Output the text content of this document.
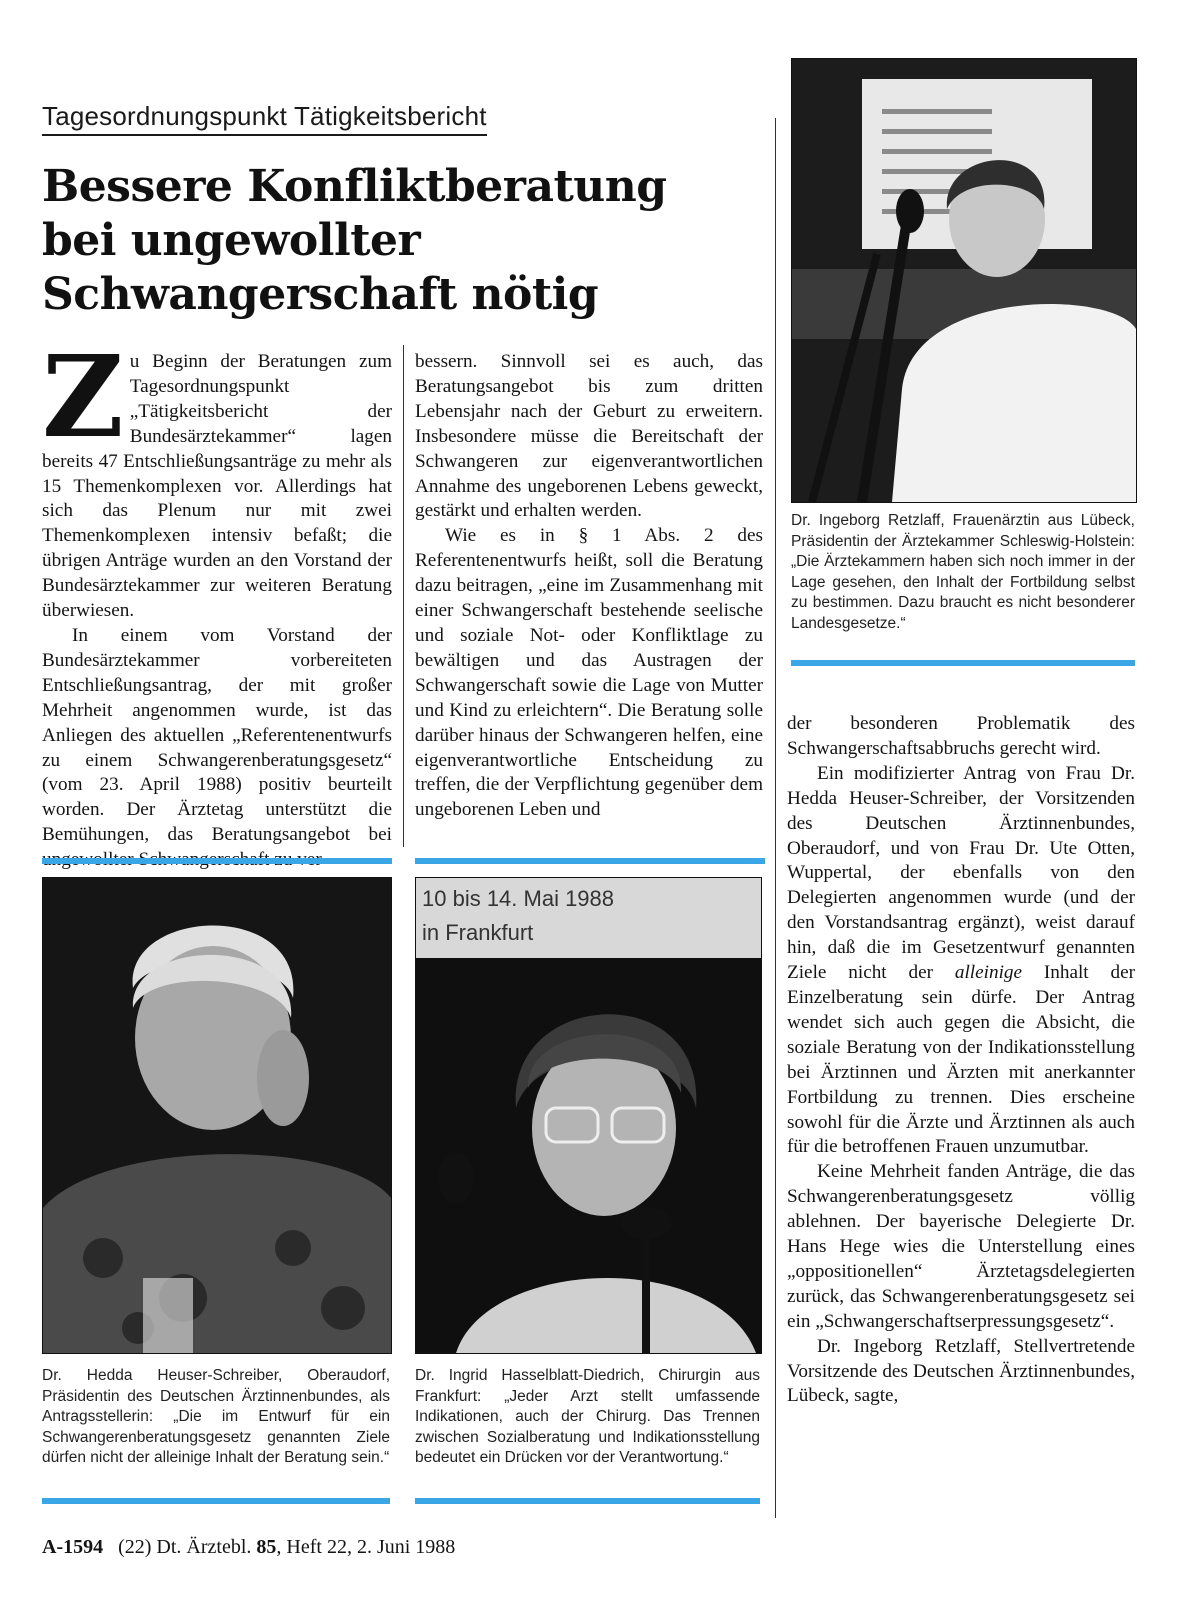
Tagesordnungspunkt Tätigkeitsbericht
Bessere Konfliktberatung
bei ungewollter
Schwangerschaft nötig
Z u Beginn der Beratungen zum Tagesordnungspunkt „Tätigkeitsbericht der Bundesärztekammer“ lagen bereits 47 Entschließungsanträge zu mehr als 15 Themenkomplexen vor. Allerdings hat sich das Plenum nur mit zwei Themenkomplexen intensiv befaßt; die übrigen Anträge wurden an den Vorstand der Bundesärztekammer zur weiteren Beratung überwiesen.

In einem vom Vorstand der Bundesärztekammer vorbereiteten Entschließungsantrag, der mit großer Mehrheit angenommen wurde, ist das Anliegen des aktuellen „Referentenentwurfs zu einem Schwangerenberatungsgesetz“ (vom 23. April 1988) positiv beurteilt worden. Der Ärztetag unterstützt die Bemühungen, das Beratungsangebot bei

bessern. Sinnvoll sei es auch, das Beratungsangebot bis zum dritten Lebensjahr nach der Geburt zu erweitern. Insbesondere müsse die Bereitschaft der Schwangeren zur eigenverantwortlichen Annahme des ungeborenen Lebens geweckt, gestärkt und erhalten werden.

Wie es in § 1 Abs. 2 des Referentenentwurfs heißt, soll die Beratung dazu beitragen, „eine im Zusammenhang mit einer Schwangerschaft bestehende seelische und soziale Not- oder Konfliktlage zu bewältigen und das Austragen der Schwangerschaft sowie die Lage von Mutter und Kind zu erleichtern“. Die Beratung solle darüber hinaus der Schwangeren helfen, eine eigenverantwortliche Entscheidung zu treffen, die der Verpflichtung gegenüber dem ungeborenen Leben und

Dr. Ingeborg Retzlaff, Frauenärztin aus Lübeck, Präsidentin der Ärztekammer Schleswig-Holstein: „Die Ärztekammern haben sich noch immer in der Lage gesehen, den Inhalt der Fortbildung selbst zu bestimmen. Dazu braucht es nicht besonderer Landesgesetze.“

der besonderen Problematik des Schwangerschaftsabbruchs gerecht wird.

Ein modifizierter Antrag von Frau Dr. Hedda Heuser-Schreiber, der Vorsitzenden des Deutschen Ärztinnenbundes, Oberaudorf, und von Frau Dr. Ute Otten, Wuppertal, der ebenfalls von den Delegierten angenommen wurde (und der den Vorstandsantrag ergänzt), weist darauf hin, daß die im Gesetzentwurf genannten Ziele nicht der alleinige Inhalt der Einzelberatung sein dürfe. Der Antrag wendet sich auch gegen die Absicht, die soziale Beratung von der Indikationsstellung bei Ärztinnen und Ärzten mit anerkannter Fortbildung zu trennen. Dies erscheine sowohl für die Ärzte und Ärztinnen als auch für die betroffenen Frauen unzumutbar.

Keine Mehrheit fanden Anträge, die das Schwangerenberatungsgesetz völlig ablehnen. Der bayerische Delegierte Dr. Hans Hege wies die Unterstellung eines „oppositionellen“ Ärztetagsdelegierten zurück, das Schwangerenberatungsgesetz sei ein „Schwangerschaftserpressungsgesetz“.

Dr. Ingeborg Retzlaff, Stellvertretende Vorsitzende des Deutschen Ärztinnenbundes, Lübeck, sagte,

Dr. Hedda Heuser-Schreiber, Oberaudorf, Präsidentin des Deutschen Ärztinnenbundes, als Antragsstellerin: „Die im Entwurf für ein Schwangerenberatungsgesetz genannten Ziele dürfen nicht der alleinige Inhalt der Beratung sein.“
10 bis 14. Mai 1988
in Frankfurt
Dr. Ingrid Hasselblatt-Diedrich, Chirurgin aus Frankfurt: „Jeder Arzt stellt umfassende Indikationen, auch der Chirurg. Das Trennen zwischen Sozialberatung und Indikationsstellung bedeutet ein Drücken vor der Verantwortung.“
A-1594 (22) Dt. Ärztebl. 85, Heft 22, 2. Juni 1988
